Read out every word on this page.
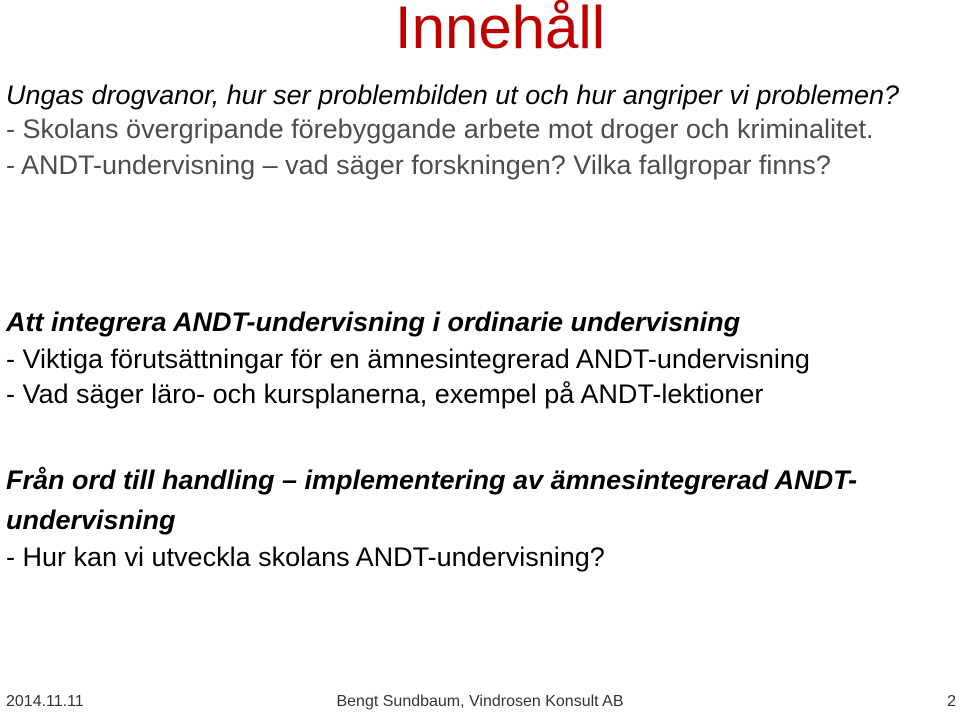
Innehåll

Ungas drogvanor, hur ser problembilden ut och hur angriper vi problemen?

- Skolans övergripande förebyggande arbete mot droger och kriminalitet.

- ANDT-undervisning – vad säger forskningen? Vilka fallgropar finns?

Att integrera ANDT-undervisning i ordinarie undervisning

- Viktiga förutsättningar för en ämnesintegrerad ANDT-undervisning

- Vad säger läro- och kursplanerna, exempel på ANDT-lektioner

Från ord till handling – implementering av ämnesintegrerad ANDT-undervisning

- Hur kan vi utveckla skolans ANDT-undervisning?

2014.11.11	Bengt Sundbaum, Vindrosen Konsult AB	2
